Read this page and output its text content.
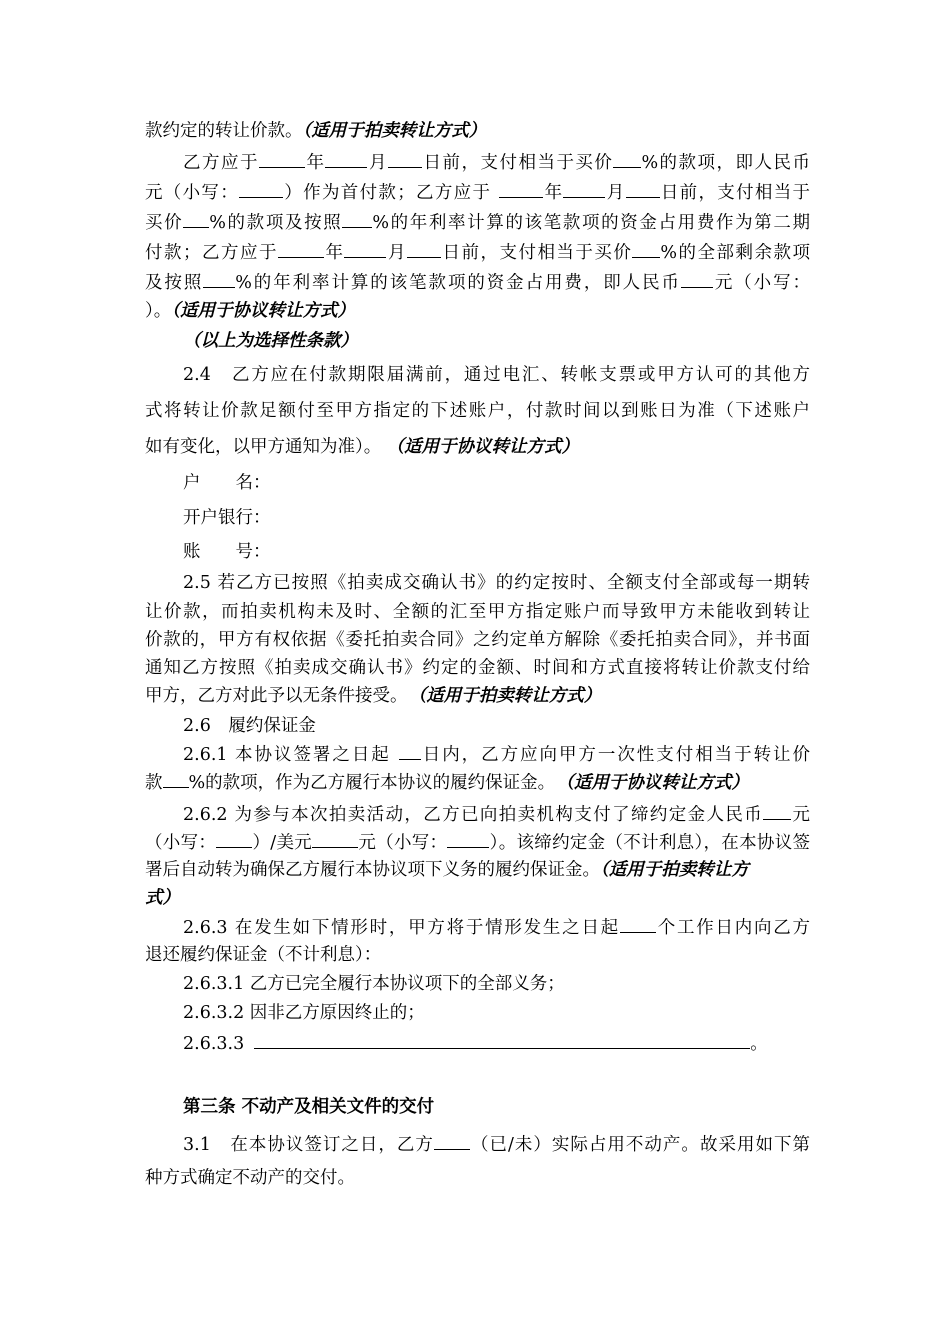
款约定的转让价款。（适用于拍卖转让方式）
乙方应于	年 月 日前，支付相当于买价 %的款项，即人民币
元（小写：	）作为首付款；乙方应于	年 月 日前，支付相当于
买价 %的款项及按照 %的年利率计算的该笔款项的资金占用费作为第二期
付款；乙方应于	年 月 日前，支付相当于买价 %的全部剩余款项
及按照 %的年利率计算的该笔款项的资金占用费，即人民币 元（小写：
）。（适用于协议转让方式）
（以上为选择性条款）
2.4　乙方应在付款期限届满前，通过电汇、转帐支票或甲方认可的其他方
式将转让价款足额付至甲方指定的下述账户，付款时间以到账日为准（下述账户
如有变化，以甲方通知为准）。 （适用于协议转让方式）
户　　名：
开户银行：
账　　号：
2.5 若乙方已按照《拍卖成交确认书》的约定按时、全额支付全部或每一期转
让价款，而拍卖机构未及时、全额的汇至甲方指定账户而导致甲方未能收到转让
价款的，甲方有权依据《委托拍卖合同》之约定单方解除《委托拍卖合同》，并书面
通知乙方按照《拍卖成交确认书》约定的金额、时间和方式直接将转让价款支付给
甲方，乙方对此予以无条件接受。 （适用于拍卖转让方式）
2.6　履约保证金
2.6.1 本协议签署之日起 日内，乙方应向甲方一次性支付相当于转让价
款 %的款项，作为乙方履行本协议的履约保证金。 （适用于协议转让方式）
2.6.2 为参与本次拍卖活动，乙方已向拍卖机构支付了缔约定金人民币 元
（小写： ）/美元	元（小写： ）。该缔约定金（不计利息），在本协议签
署后自动转为确保乙方履行本协议项下义务的履约保证金。（适用于拍卖转让方
式）
2.6.3 在发生如下情形时，甲方将于情形发生之日起 个工作日内向乙方
退还履约保证金（不计利息）：
2.6.3.1 乙方已完全履行本协议项下的全部义务；
2.6.3.2 因非乙方原因终止的；
2.6.3.3	。
第三条 不动产及相关文件的交付
3.1　在本协议签订之日，乙方 （已/未）实际占用不动产。故采用如下第
种方式确定不动产的交付。
